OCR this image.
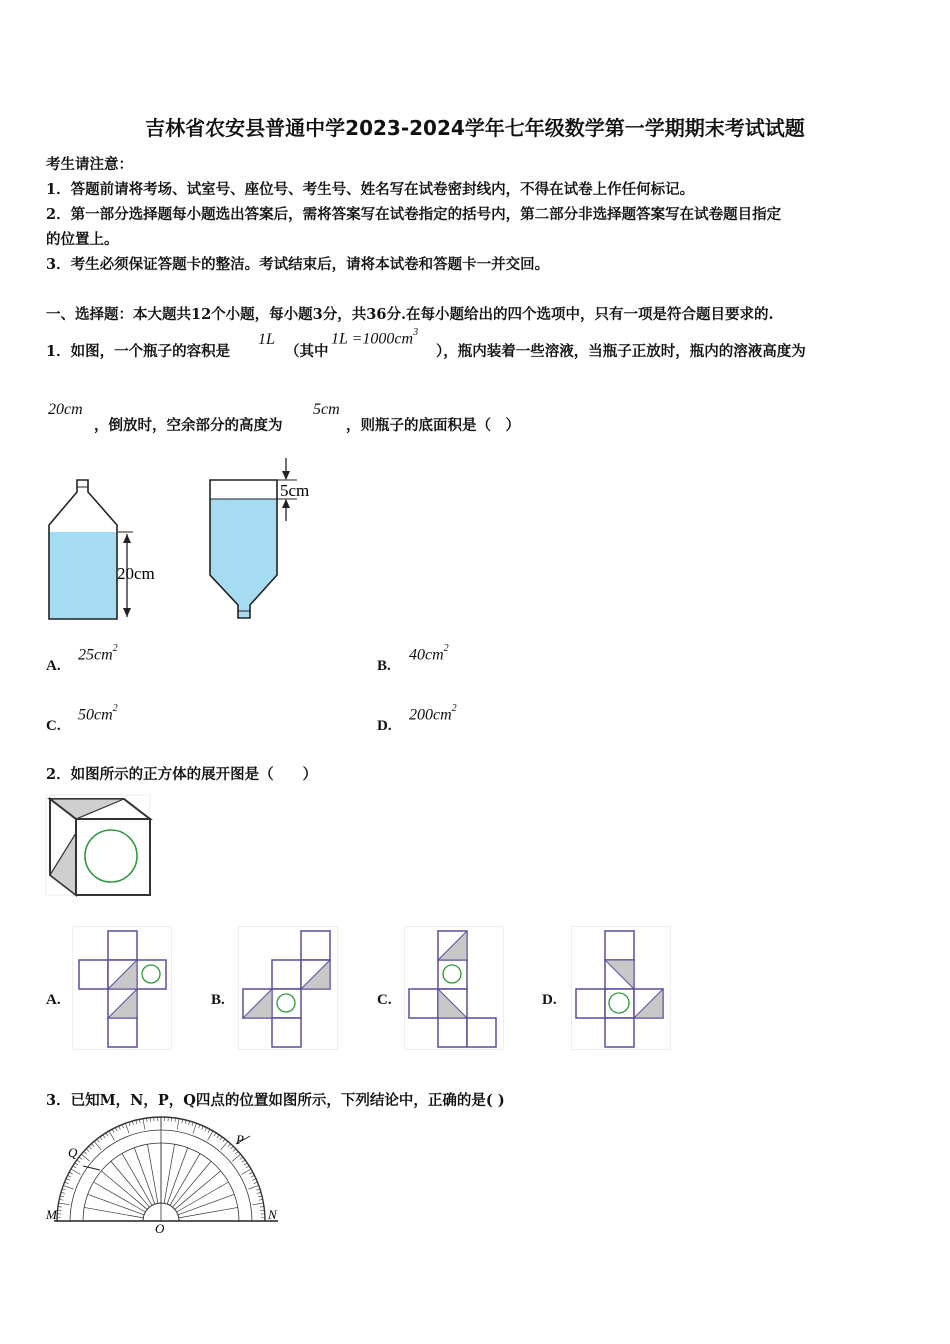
吉林省农安县普通中学2023-2024学年七年级数学第一学期期末考试试题
考生请注意：
1．答题前请将考场、试室号、座位号、考生号、姓名写在试卷密封线内，不得在试卷上作任何标记。
2．第一部分选择题每小题选出答案后，需将答案写在试卷指定的括号内，第二部分非选择题答案写在试卷题目指定
的位置上。
3．考生必须保证答题卡的整洁。考试结束后，请将本试卷和答题卡一并交回。
一、选择题：本大题共12个小题，每小题3分，共36分.在每小题给出的四个选项中，只有一项是符合题目要求的.
1．如图，一个瓶子的容积是
1L
（其中
$1L =1000cm^3$
），瓶内装着一些溶液，当瓶子正放时，瓶内的溶液高度为
20cm
，倒放时，空余部分的高度为
5cm
，则瓶子的底面积是（　）
20cm
5cm
A.
$25cm^2$
B.
$40cm^2$
C.
$50cm^2$
D.
$200cm^2$
2．如图所示的正方体的展开图是（　　）
A.	B.	C.	D.
3．已知M，N，P，Q四点的位置如图所示，下列结论中，正确的是( )
M	N
P
Q
O
